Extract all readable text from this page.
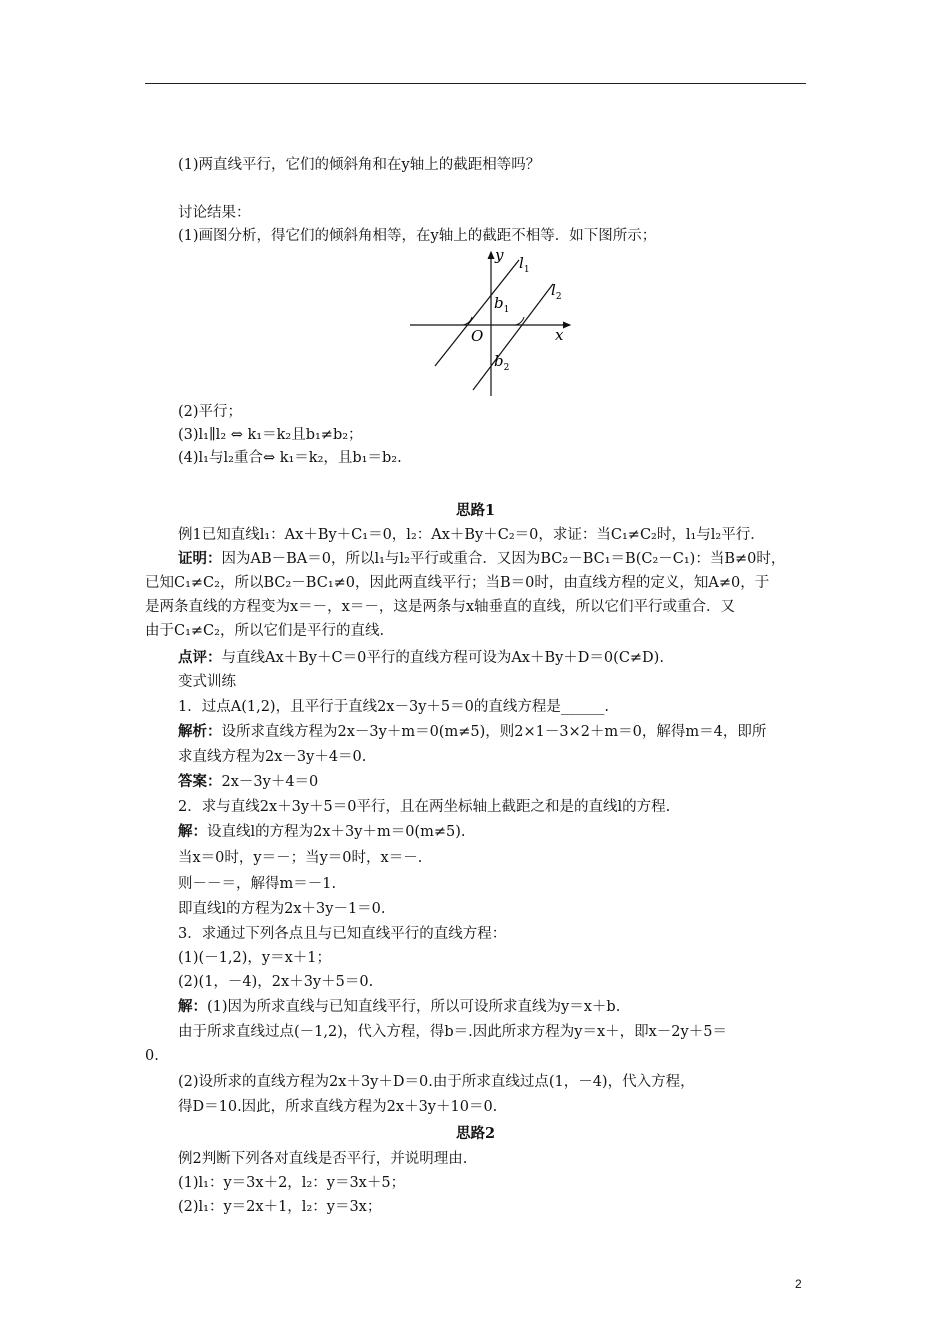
(1)两直线平行，它们的倾斜角和在y轴上的截距相等吗？
讨论结果：
(1)画图分析，得它们的倾斜角相等，在y轴上的截距不相等．如下图所示；
y
x
O
$l_1$
$l_2$
$b_1$
$b_2$
(2)平行；
(3)l₁∥l₂ ⇔ k₁＝k₂且b₁≠b₂；
(4)l₁与l₂重合⇔ k₁＝k₂，且b₁＝b₂.
思路1
例1已知直线l₁：Ax＋By＋C₁＝0，l₂：Ax＋By＋C₂＝0，求证：当C₁≠C₂时，l₁与l₂平行．
证明：因为AB－BA＝0，所以l₁与l₂平行或重合．又因为BC₂－BC₁＝B(C₂－C₁)：当B≠0时，
已知C₁≠C₂，所以BC₂－BC₁≠0，因此两直线平行；当B＝0时，由直线方程的定义，知A≠0，于
是两条直线的方程变为x＝－，x＝－，这是两条与x轴垂直的直线，所以它们平行或重合．又
由于C₁≠C₂，所以它们是平行的直线.
点评：与直线Ax＋By＋C＝0平行的直线方程可设为Ax＋By＋D＝0(C≠D).
变式训练
1．过点A(1,2)，且平行于直线2x－3y＋5＝0的直线方程是______.
解析：设所求直线方程为2x－3y＋m＝0(m≠5)，则2×1－3×2＋m＝0，解得m＝4，即所
求直线方程为2x－3y＋4＝0.
答案：2x－3y＋4＝0
2．求与直线2x＋3y＋5＝0平行，且在两坐标轴上截距之和是的直线l的方程.
解：设直线l的方程为2x＋3y＋m＝0(m≠5).
当x＝0时，y＝－；当y＝0时，x＝－.
则－－＝，解得m＝－1.
即直线l的方程为2x＋3y－1＝0.
3．求通过下列各点且与已知直线平行的直线方程：
(1)(－1,2)，y＝x＋1；
(2)(1，－4)，2x＋3y＋5＝0.
解：(1)因为所求直线与已知直线平行，所以可设所求直线为y＝x＋b.
由于所求直线过点(－1,2)，代入方程，得b＝.因此所求方程为y＝x＋，即x－2y＋5＝
0.
(2)设所求的直线方程为2x＋3y＋D＝0.由于所求直线过点(1，－4)，代入方程，
得D＝10.因此，所求直线方程为2x＋3y＋10＝0.
思路2
例2判断下列各对直线是否平行，并说明理由.
(1)l₁：y＝3x＋2，l₂：y＝3x＋5；
(2)l₁：y＝2x＋1，l₂：y＝3x；
2
